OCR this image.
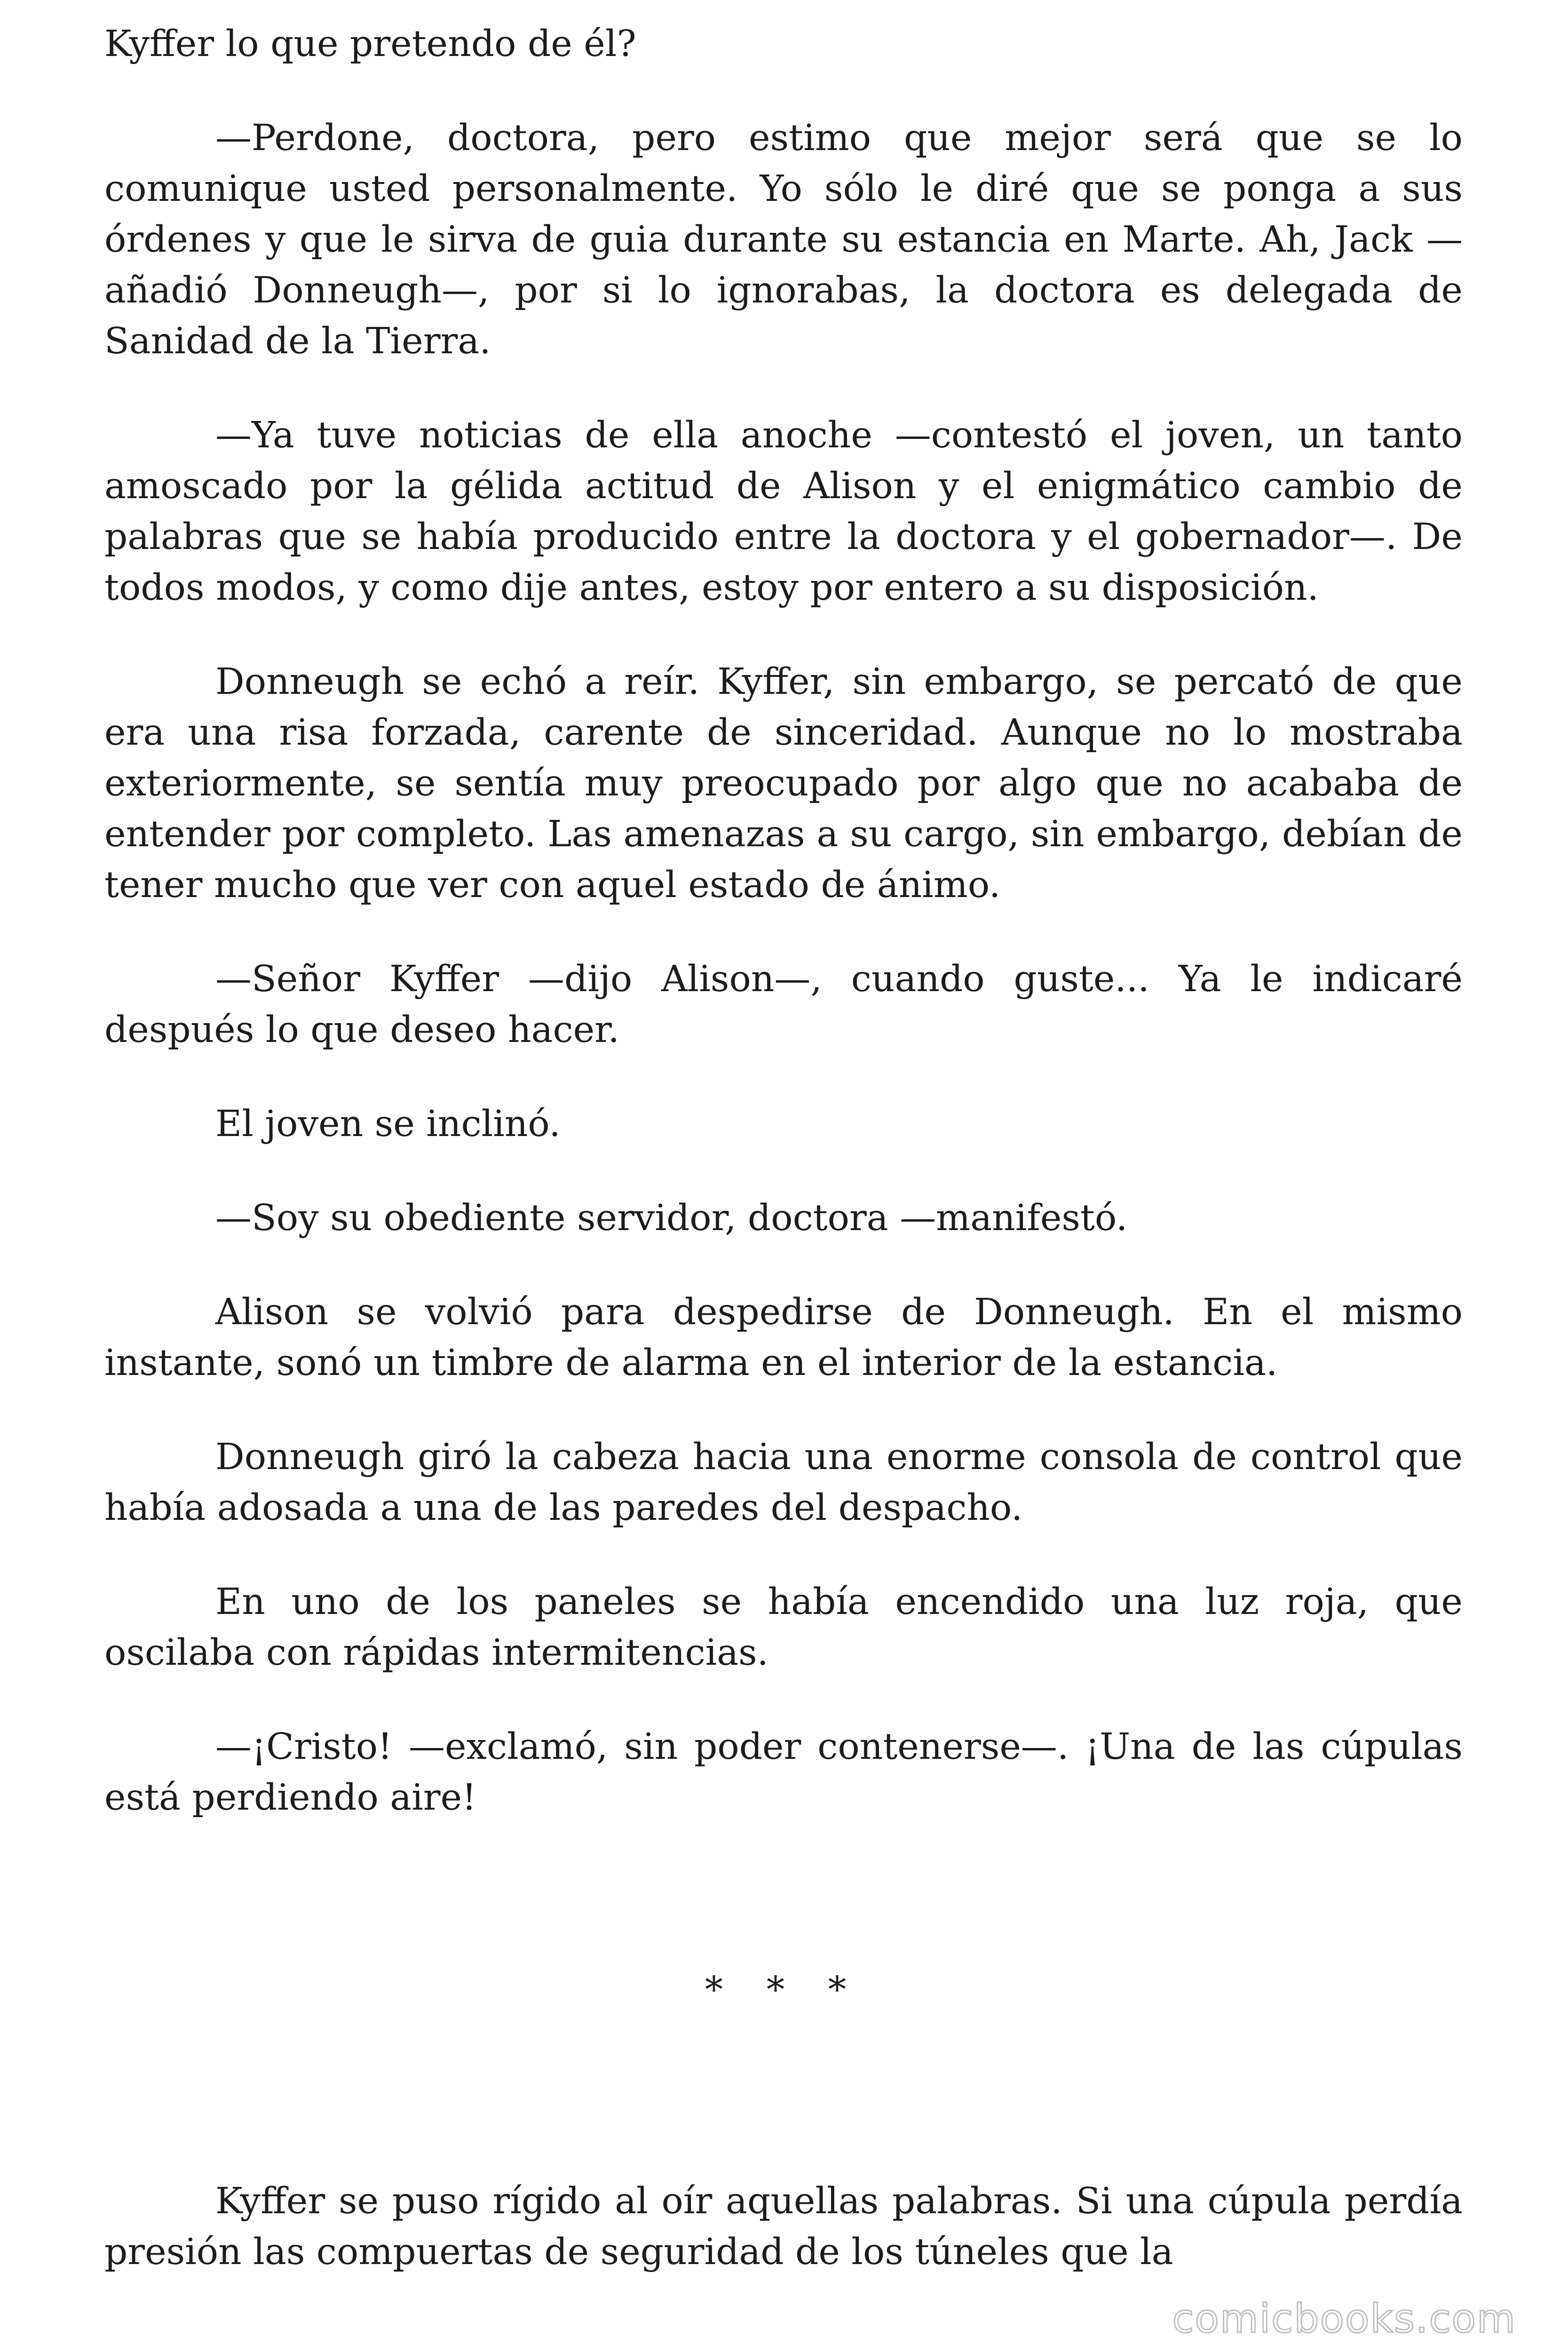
Kyffer lo que pretendo de él?

—Perdone, doctora, pero estimo que mejor será que se lo comunique usted personalmente. Yo sólo le diré que se ponga a sus órdenes y que le sirva de guia durante su estancia en Marte. Ah, Jack —añadió Donneugh—, por si lo ignorabas, la doctora es delegada de Sanidad de la Tierra.

—Ya tuve noticias de ella anoche —contestó el joven, un tanto amoscado por la gélida actitud de Alison y el enigmático cambio de palabras que se había producido entre la doctora y el gobernador—. De todos modos, y como dije antes, estoy por entero a su disposición.

Donneugh se echó a reír. Kyffer, sin embargo, se percató de que era una risa forzada, carente de sinceridad. Aunque no lo mostraba exteriormente, se sentía muy preocupado por algo que no acababa de entender por completo. Las amenazas a su cargo, sin embargo, debían de tener mucho que ver con aquel estado de ánimo.

—Señor Kyffer —dijo Alison—, cuando guste... Ya le indicaré después lo que deseo hacer.

El joven se inclinó.

—Soy su obediente servidor, doctora —manifestó.

Alison se volvió para despedirse de Donneugh. En el mismo instante, sonó un timbre de alarma en el interior de la estancia.

Donneugh giró la cabeza hacia una enorme consola de control que había adosada a una de las paredes del despacho.

En uno de los paneles se había encendido una luz roja, que oscilaba con rápidas intermitencias.

—¡Cristo! —exclamó, sin poder contenerse—. ¡Una de las cúpulas está perdiendo aire!

* * *

Kyffer se puso rígido al oír aquellas palabras. Si una cúpula perdía presión las compuertas de seguridad de los túneles que la

comicbooks.com
